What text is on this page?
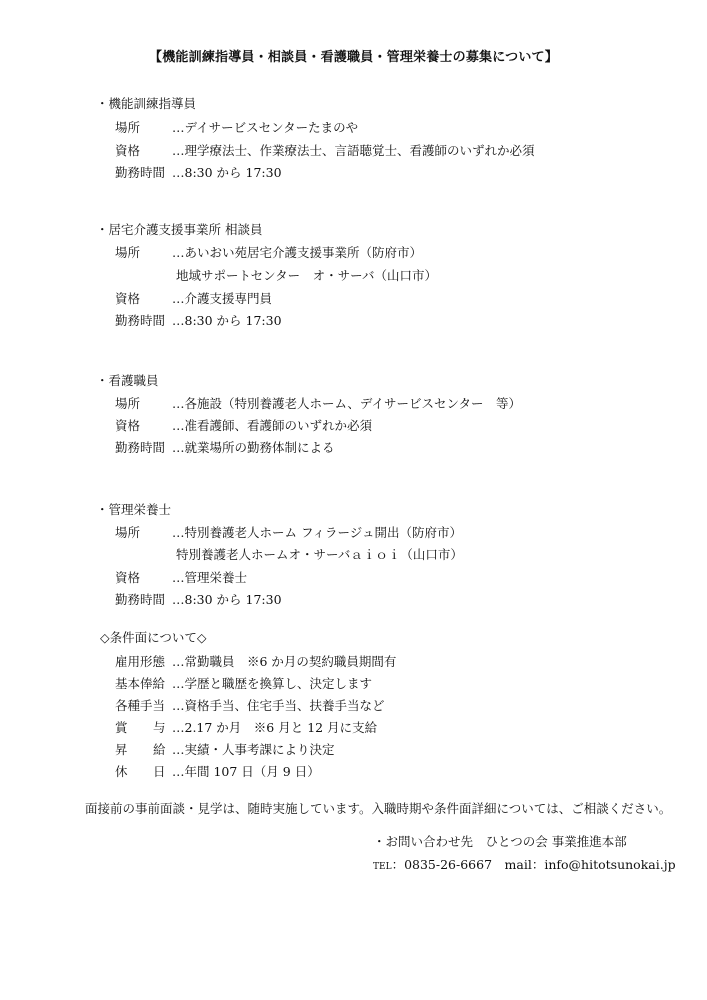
【機能訓練指導員・相談員・看護職員・管理栄養士の募集について】
・機能訓練指導員
場所	…デイサービスセンターたまのや
資格	…理学療法士、作業療法士、言語聴覚士、看護師のいずれか必須
勤務時間 …8:30 から 17:30
・居宅介護支援事業所 相談員
場所	…あいおい苑居宅介護支援事業所（防府市）
地域サポートセンター　オ・サーバ（山口市）
資格	…介護支援専門員
勤務時間 …8:30 から 17:30
・看護職員
場所	…各施設（特別養護老人ホーム、デイサービスセンター　等）
資格	…准看護師、看護師のいずれか必須
勤務時間 …就業場所の勤務体制による
・管理栄養士
場所	…特別養護老人ホーム フィラージュ開出（防府市）
特別養護老人ホームオ・サーバａｉｏｉ（山口市）
資格	…管理栄養士
勤務時間 …8:30 から 17:30
◇条件面について◇
雇用形態 …常勤職員　※6 か月の契約職員期間有
基本俸給 …学歴と職歴を換算し、決定します
各種手当 …資格手当、住宅手当、扶養手当など
賞 与 …2.17 か月　※6 月と 12 月に支給
昇 給 …実績・人事考課により決定
休 日 …年間 107 日（月 9 日）
面接前の事前面談・見学は、随時実施しています。入職時期や条件面詳細については、ご相談ください。
・お問い合わせ先　ひとつの会 事業推進本部
TEL：0835-26-6667　mail：info@hitotsunokai.jp
